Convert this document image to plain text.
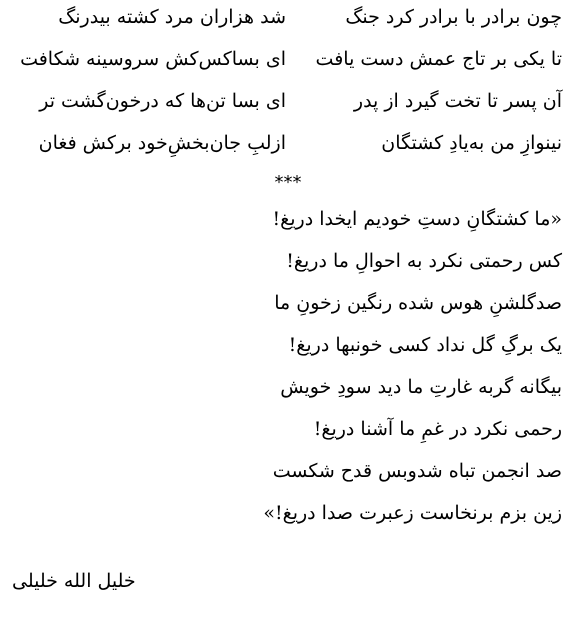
چون برادر با برادر کرد جنگ
شد هزاران مرد کشته بیدرنگ
تا یکی بر تاج عمش دست یافت
ای بساکس‌کش سروسینه شکافت
آن پسر تا تخت گیرد از پدر
ای بسا تن‌ها که درخون‌گشت تر
نینوازِ من به‌یادِ کشتگان
ازلبِ جان‌بخشِ‌خود برکش فغان
***
«ما کشتگانِ دستِ خودیم ایخدا دریغ!
کس رحمتی نکرد به احوالِ ما دریغ!
صدگلشنِ هوس شده رنگین زخونِ ما
یک برگِ گل نداد کسی خونبها دریغ!
بیگانه گربه غارتِ ما دید سودِ خویش
رحمی نکرد در غمِ ما آشنا دریغ!
صد انجمن تباه شدوبس قدح شکست
زین بزم برنخاست زعبرت صدا دریغ!»
خلیل الله خلیلی
